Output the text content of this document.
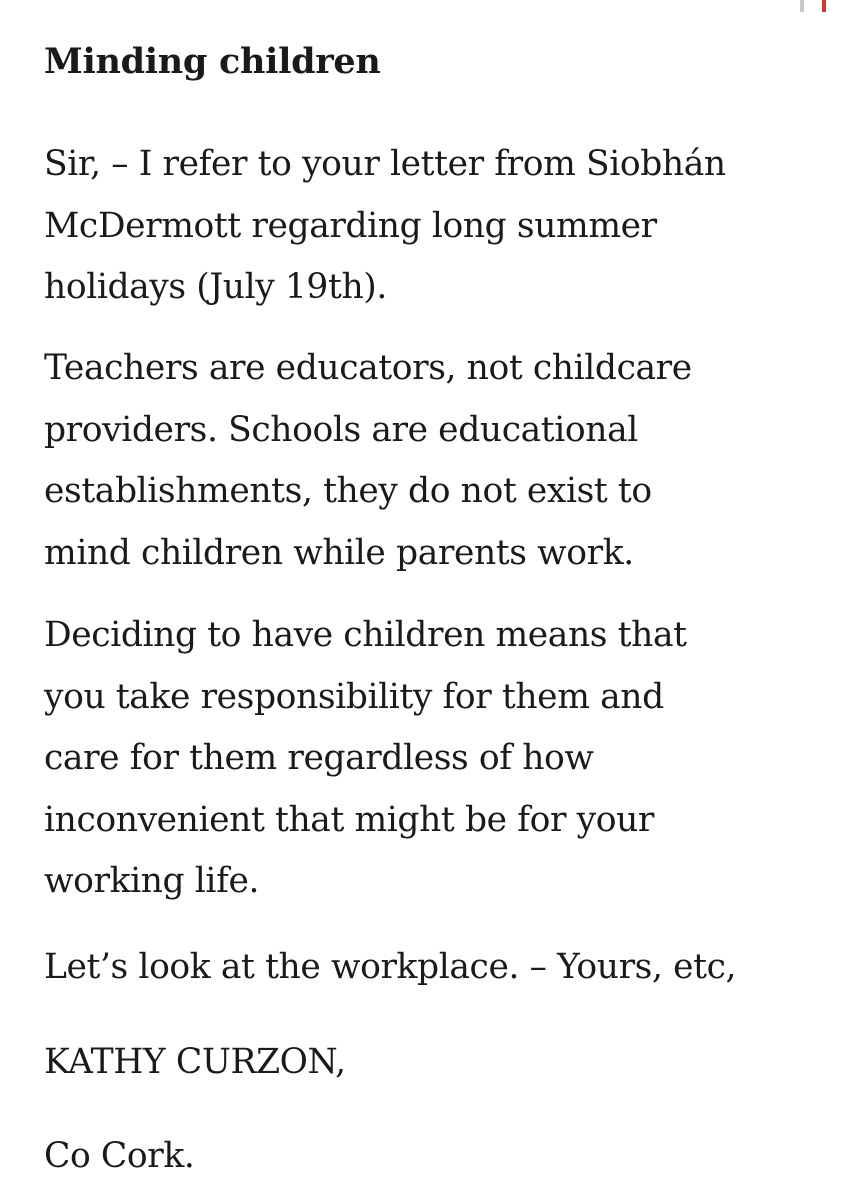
Minding children

Sir, – I refer to your letter from Siobhán
McDermott regarding long summer
holidays (July 19th).

Teachers are educators, not childcare
providers. Schools are educational
establishments, they do not exist to
mind children while parents work.

Deciding to have children means that
you take responsibility for them and
care for them regardless of how
inconvenient that might be for your
working life.

Let’s look at the workplace. – Yours, etc,

KATHY CURZON,

Co Cork.
